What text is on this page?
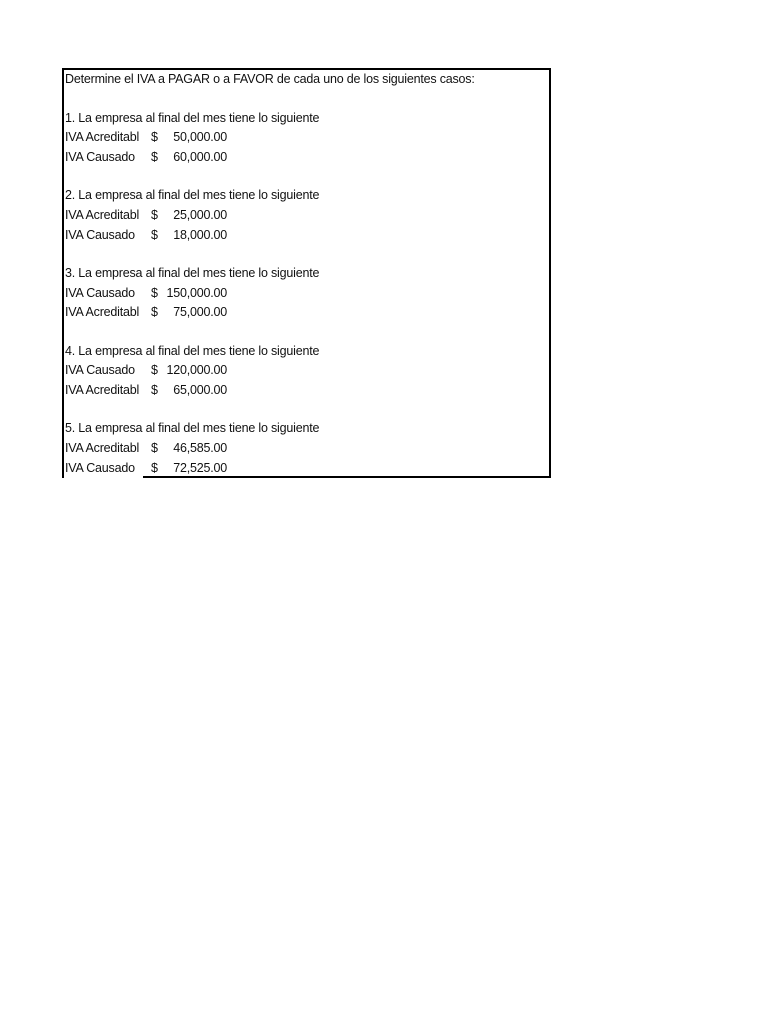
Determine el IVA a PAGAR o a FAVOR de cada uno de los siguientes casos:
1. La empresa al final del mes tiene lo siguiente
IVA Acreditabl $	50,000.00
IVA Causado $	60,000.00
2. La empresa al final del mes tiene lo siguiente
IVA Acreditabl $	25,000.00
IVA Causado $	18,000.00
3. La empresa al final del mes tiene lo siguiente
IVA Causado $ 150,000.00
IVA Acreditabl $	75,000.00
4. La empresa al final del mes tiene lo siguiente
IVA Causado $ 120,000.00
IVA Acreditabl $	65,000.00
5. La empresa al final del mes tiene lo siguiente
IVA Acreditabl $	46,585.00
IVA Causado $	72,525.00
